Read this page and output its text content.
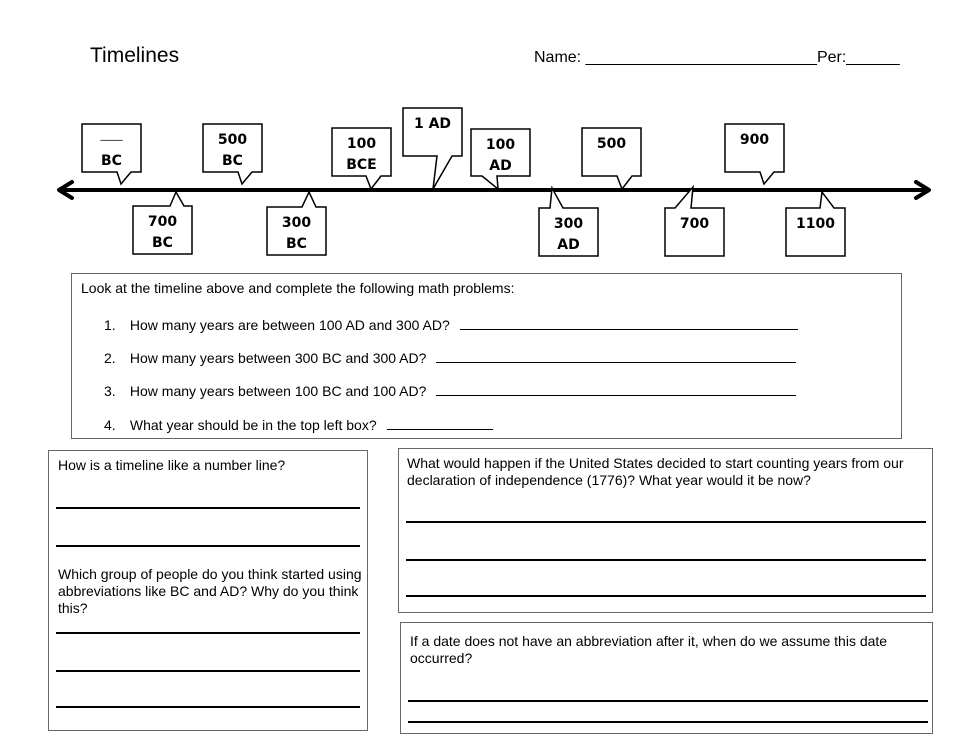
Timelines	Name: __________________________Per:______
____
BC
700
BC
500
BC
300
BC
100
BCE
1 AD
100
AD
300
AD
500
700
900
1100
Look at the timeline above and complete the following math problems:
1. How many years are between 100 AD and 300 AD?
2. How many years between 300 BC and 300 AD?
3. How many years between 100 BC and 100 AD?
4. What year should be in the top left box?
How is a timeline like a number line?
Which group of people do you think started using abbreviations like BC and AD? Why do you think this?
What would happen if the United States decided to start counting years from our declaration of independence (1776)? What year would it be now?
If a date does not have an abbreviation after it, when do we assume this date occurred?
